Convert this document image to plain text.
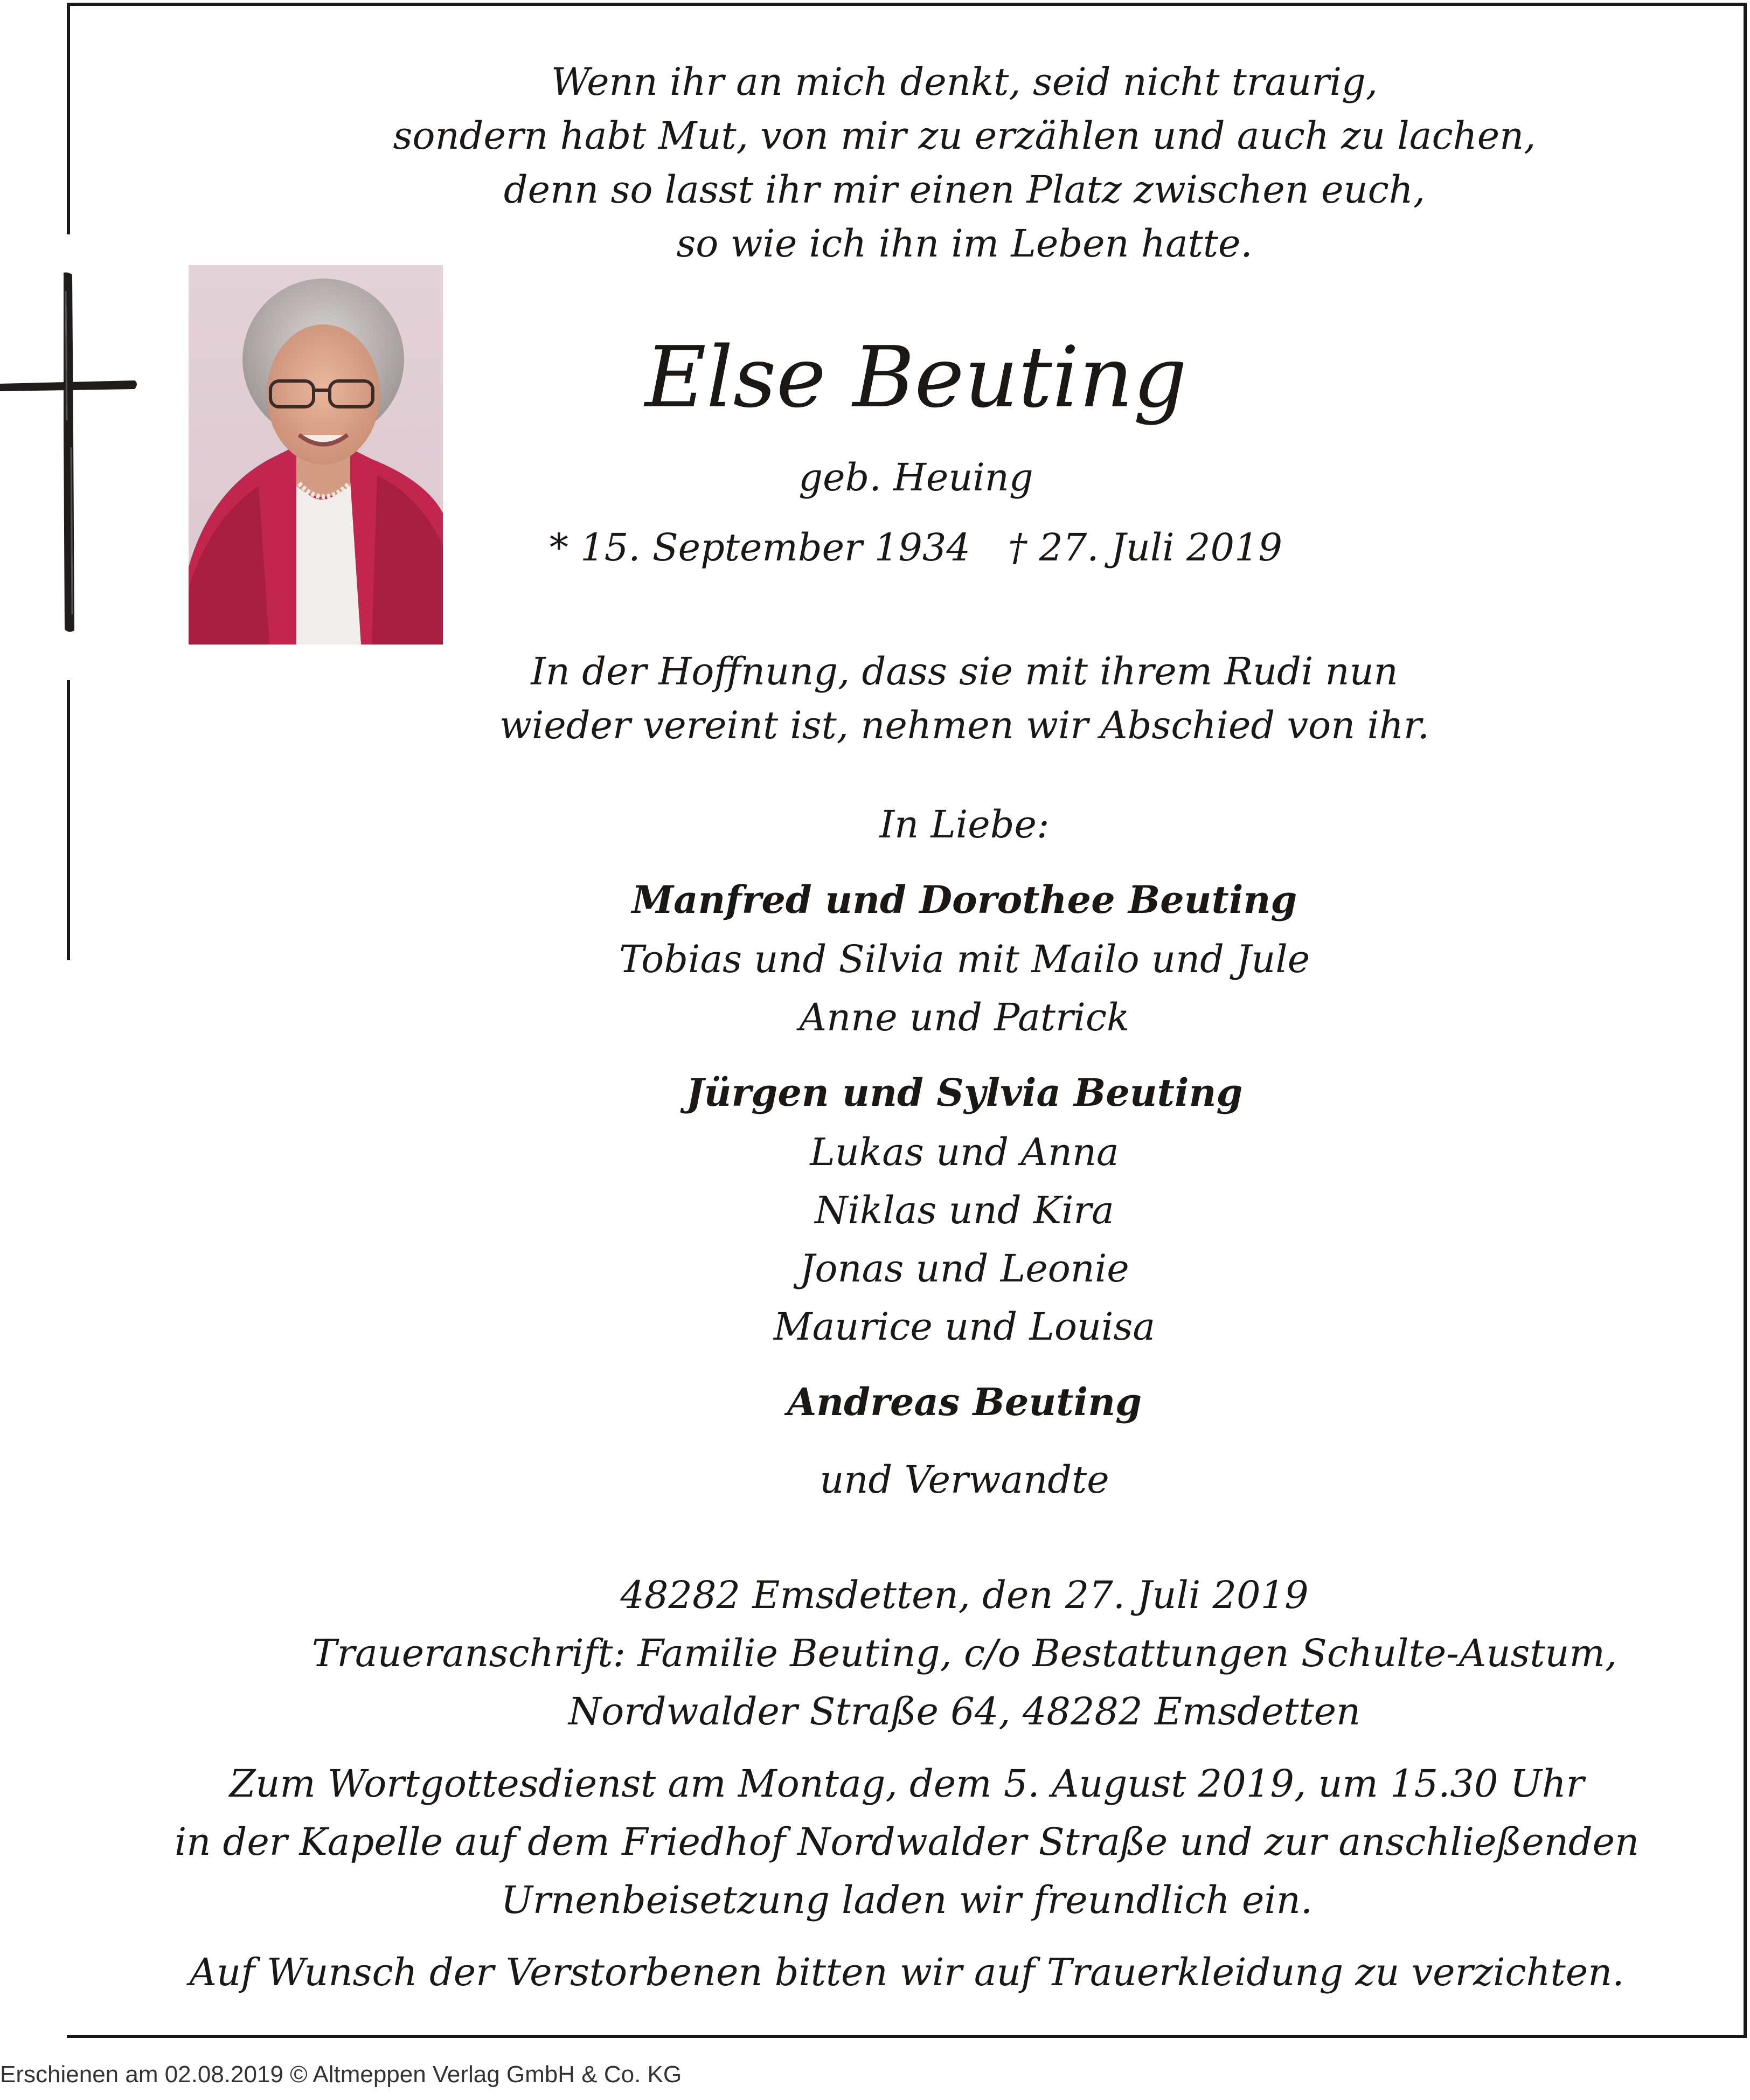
Wenn ihr an mich denkt, seid nicht traurig,
sondern habt Mut, von mir zu erzählen und auch zu lachen,
denn so lasst ihr mir einen Platz zwischen euch,
so wie ich ihn im Leben hatte.
Else Beuting
geb. Heuing
* 15. September 1934 † 27. Juli 2019
In der Hoffnung, dass sie mit ihrem Rudi nun
wieder vereint ist, nehmen wir Abschied von ihr.
In Liebe:
Manfred und Dorothee Beuting
Tobias und Silvia mit Mailo und Jule
Anne und Patrick
Jürgen und Sylvia Beuting
Lukas und Anna
Niklas und Kira
Jonas und Leonie
Maurice und Louisa
Andreas Beuting
und Verwandte
48282 Emsdetten, den 27. Juli 2019
Traueranschrift: Familie Beuting, c/o Bestattungen Schulte-Austum,
Nordwalder Straße 64, 48282 Emsdetten
Zum Wortgottesdienst am Montag, dem 5. August 2019, um 15.30 Uhr
in der Kapelle auf dem Friedhof Nordwalder Straße und zur anschließenden
Urnenbeisetzung laden wir freundlich ein.
Auf Wunsch der Verstorbenen bitten wir auf Trauerkleidung zu verzichten.
Erschienen am 02.08.2019 © Altmeppen Verlag GmbH & Co. KG
